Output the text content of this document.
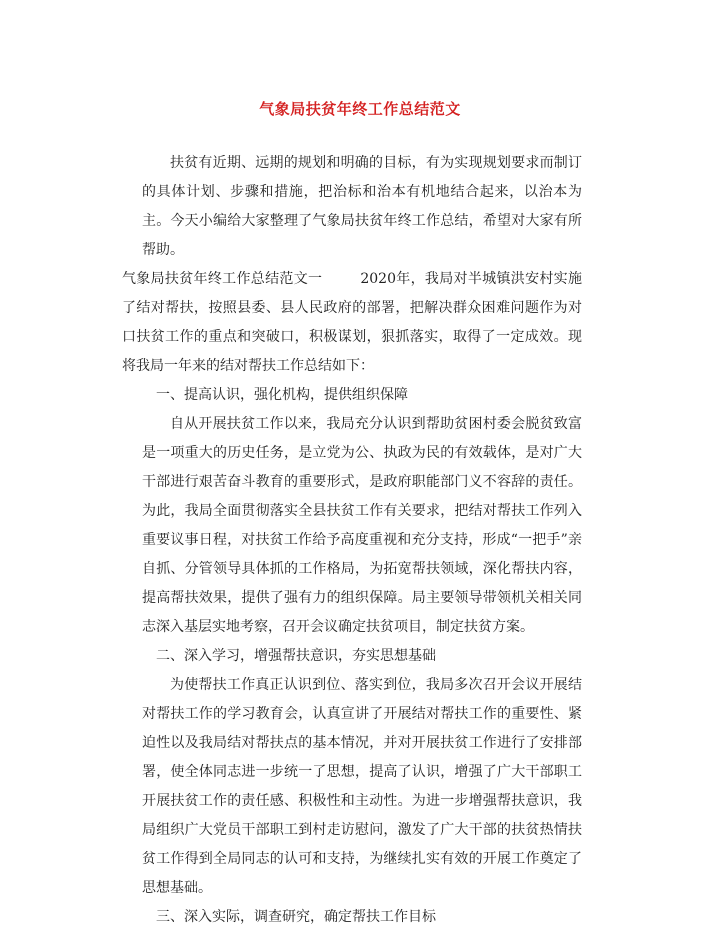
气象局扶贫年终工作总结范文

扶贫有近期、远期的规划和明确的目标，有为实现规划要求而制订的具体计划、步骤和措施，把治标和治本有机地结合起来，以治本为主。今天小编给大家整理了气象局扶贫年终工作总结，希望对大家有所帮助。

气象局扶贫年终工作总结范文一	2020年，我局对半城镇洪安村实施了结对帮扶，按照县委、县人民政府的部署，把解决群众困难问题作为对口扶贫工作的重点和突破口，积极谋划，狠抓落实，取得了一定成效。现将我局一年来的结对帮扶工作总结如下：

一、提高认识，强化机构，提供组织保障

自从开展扶贫工作以来，我局充分认识到帮助贫困村委会脱贫致富是一项重大的历史任务，是立党为公、执政为民的有效载体，是对广大干部进行艰苦奋斗教育的重要形式，是政府职能部门义不容辞的责任。为此，我局全面贯彻落实全县扶贫工作有关要求，把结对帮扶工作列入重要议事日程，对扶贫工作给予高度重视和充分支持，形成“一把手”亲自抓、分管领导具体抓的工作格局，为拓宽帮扶领域，深化帮扶内容，提高帮扶效果，提供了强有力的组织保障。局主要领导带领机关相关同志深入基层实地考察，召开会议确定扶贫项目，制定扶贫方案。

二、深入学习，增强帮扶意识，夯实思想基础

为使帮扶工作真正认识到位、落实到位，我局多次召开会议开展结对帮扶工作的学习教育会，认真宣讲了开展结对帮扶工作的重要性、紧迫性以及我局结对帮扶点的基本情况，并对开展扶贫工作进行了安排部署，使全体同志进一步统一了思想，提高了认识，增强了广大干部职工开展扶贫工作的责任感、积极性和主动性。为进一步增强帮扶意识，我局组织广大党员干部职工到村走访慰问，激发了广大干部的扶贫热情扶贫工作得到全局同志的认可和支持，为继续扎实有效的开展工作奠定了思想基础。

三、深入实际，调查研究，确定帮扶工作目标
